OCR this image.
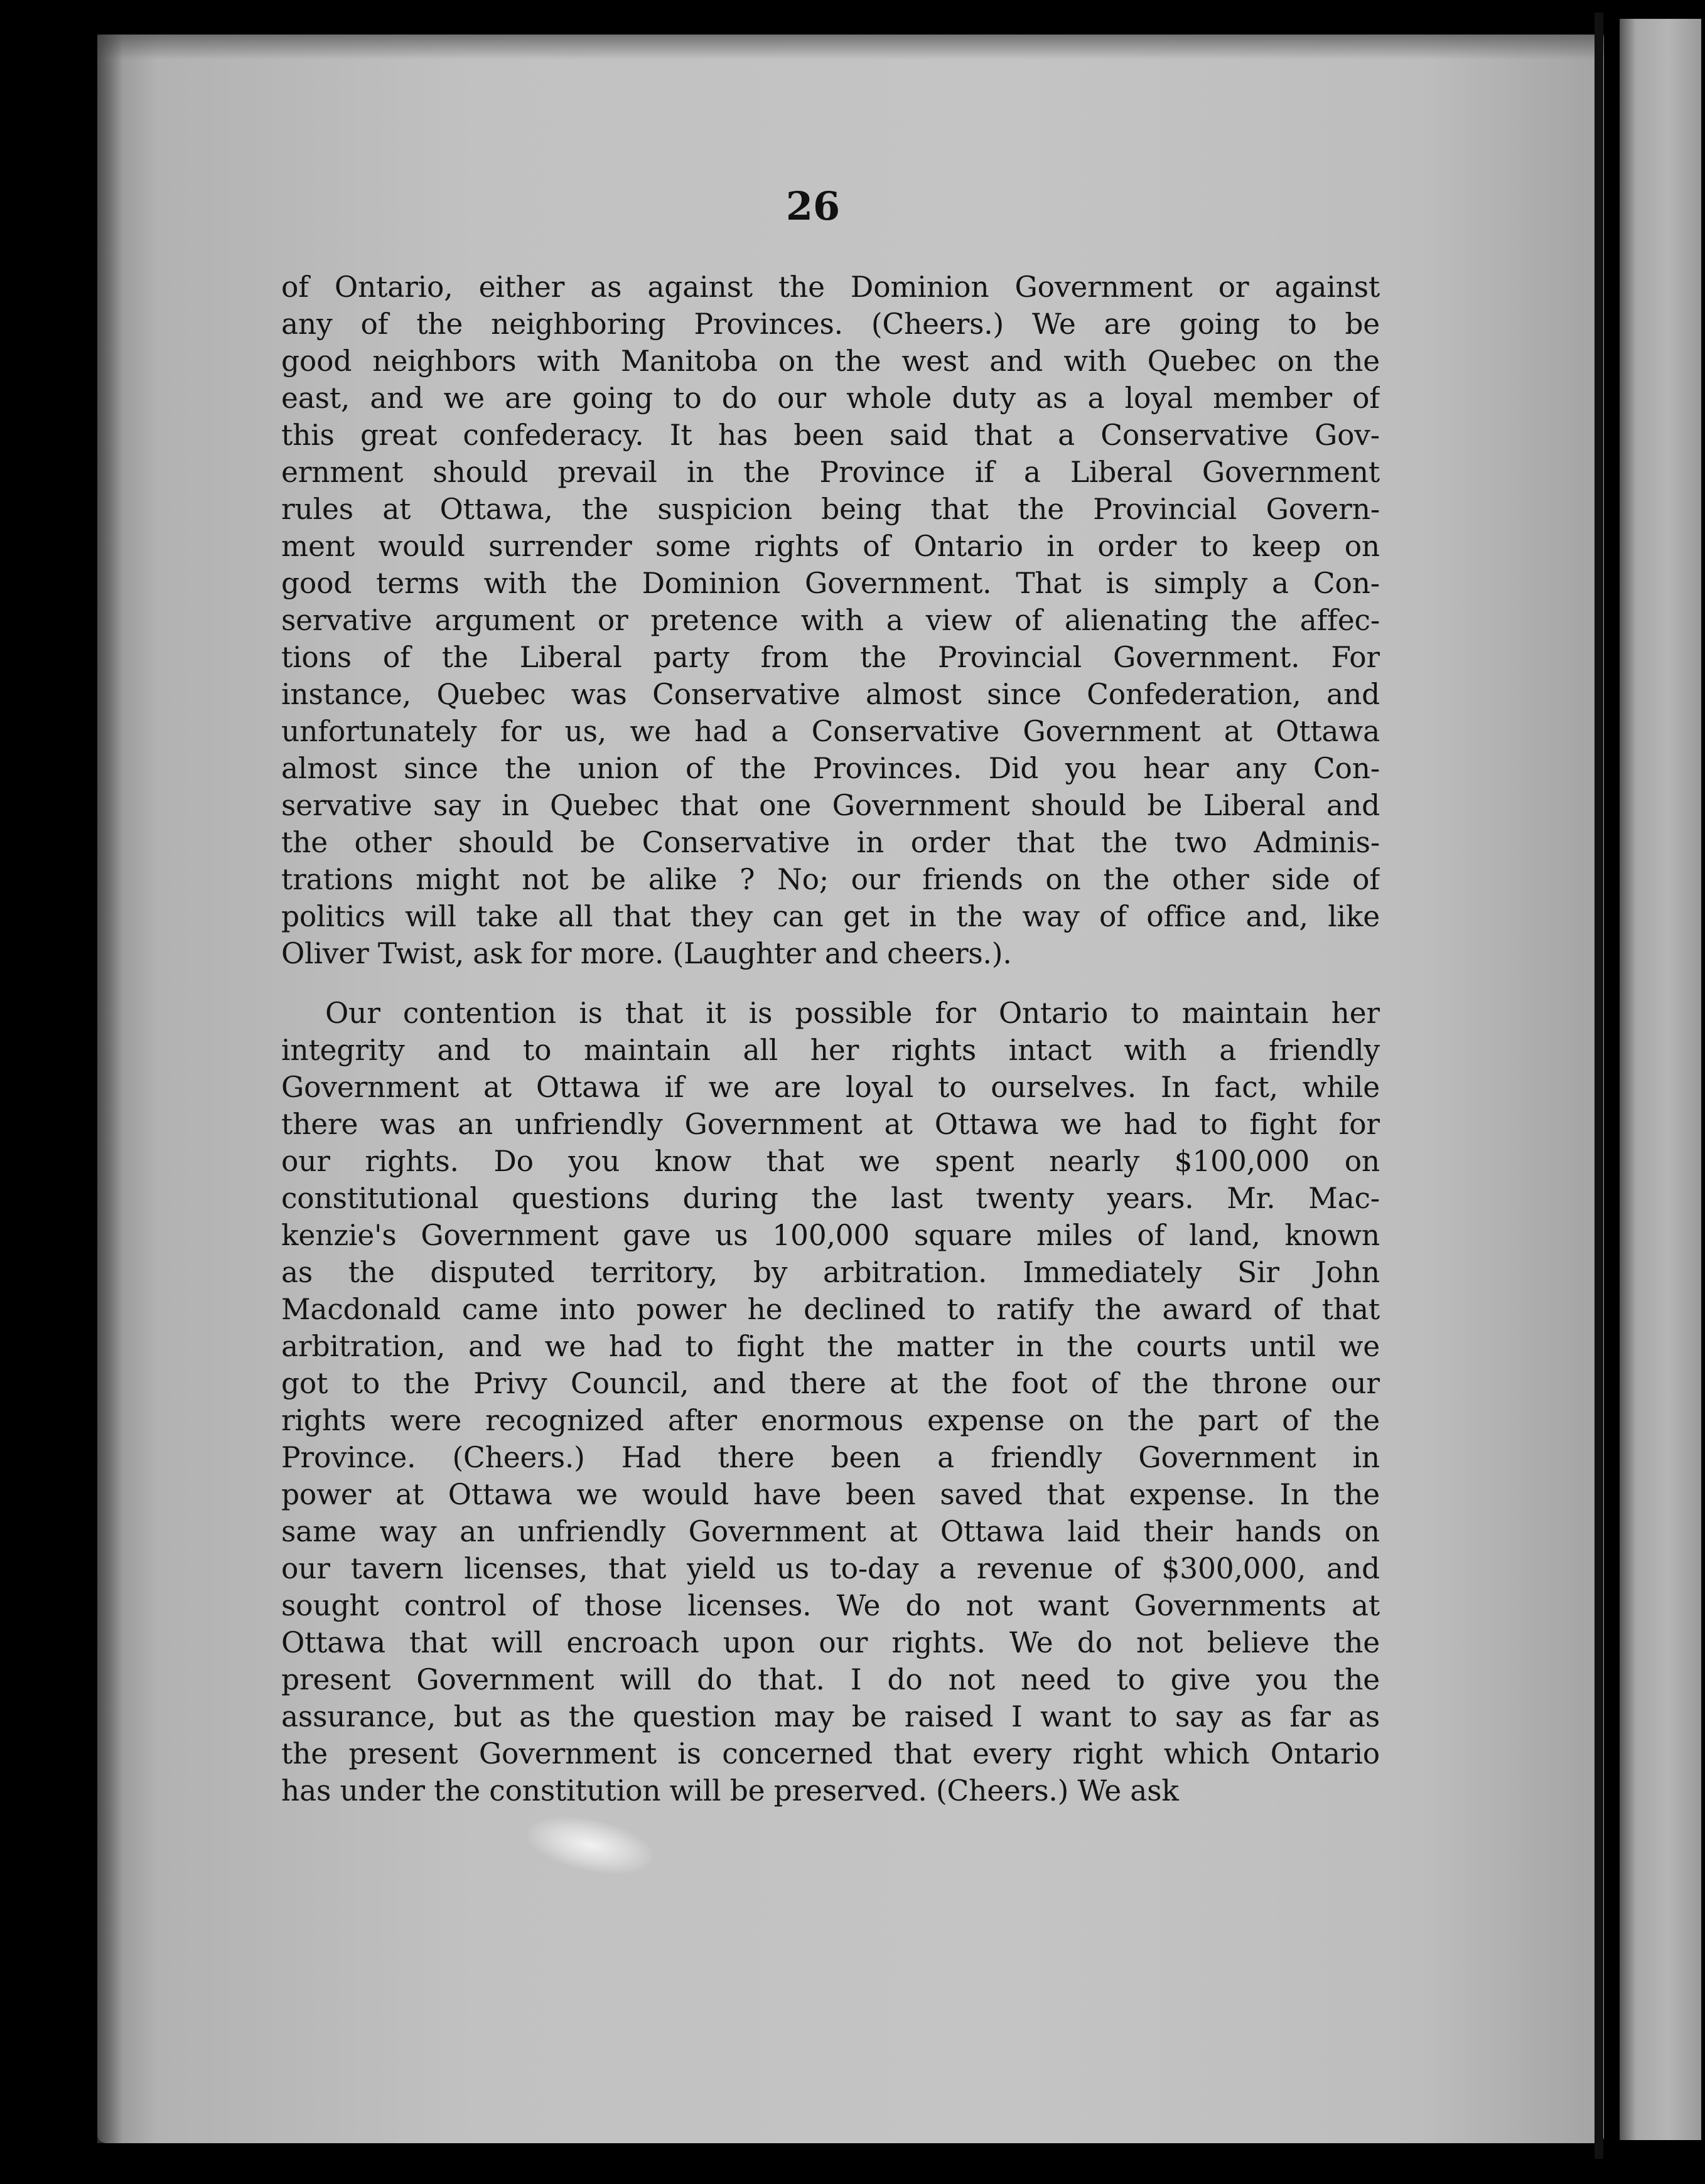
26
of Ontario, either as against the Dominion Government or against
any of the neighboring Provinces. (Cheers.) We are going to be
good neighbors with Manitoba on the west and with Quebec on the
east, and we are going to do our whole duty as a loyal member of
this great confederacy. It has been said that a Conservative Gov-
ernment should prevail in the Province if a Liberal Government
rules at Ottawa, the suspicion being that the Provincial Govern-
ment would surrender some rights of Ontario in order to keep on
good terms with the Dominion Government. That is simply a Con-
servative argument or pretence with a view of alienating the affec-
tions of the Liberal party from the Provincial Government. For
instance, Quebec was Conservative almost since Confederation, and
unfortunately for us, we had a Conservative Government at Ottawa
almost since the union of the Provinces. Did you hear any Con-
servative say in Quebec that one Government should be Liberal and
the other should be Conservative in order that the two Adminis-
trations might not be alike ? No; our friends on the other side of
politics will take all that they can get in the way of office and, like
Oliver Twist, ask for more. (Laughter and cheers.).
Our contention is that it is possible for Ontario to maintain her
integrity and to maintain all her rights intact with a friendly
Government at Ottawa if we are loyal to ourselves. In fact, while
there was an unfriendly Government at Ottawa we had to fight for
our rights. Do you know that we spent nearly $100,000 on
constitutional questions during the last twenty years. Mr. Mac-
kenzie's Government gave us 100,000 square miles of land, known
as the disputed territory, by arbitration. Immediately Sir John
Macdonald came into power he declined to ratify the award of that
arbitration, and we had to fight the matter in the courts until we
got to the Privy Council, and there at the foot of the throne our
rights were recognized after enormous expense on the part of the
Province. (Cheers.) Had there been a friendly Government in
power at Ottawa we would have been saved that expense. In the
same way an unfriendly Government at Ottawa laid their hands on
our tavern licenses, that yield us to-day a revenue of $300,000, and
sought control of those licenses. We do not want Governments at
Ottawa that will encroach upon our rights. We do not believe the
present Government will do that. I do not need to give you the
assurance, but as the question may be raised I want to say as far as
the present Government is concerned that every right which Ontario
has under the constitution will be preserved. (Cheers.) We ask
